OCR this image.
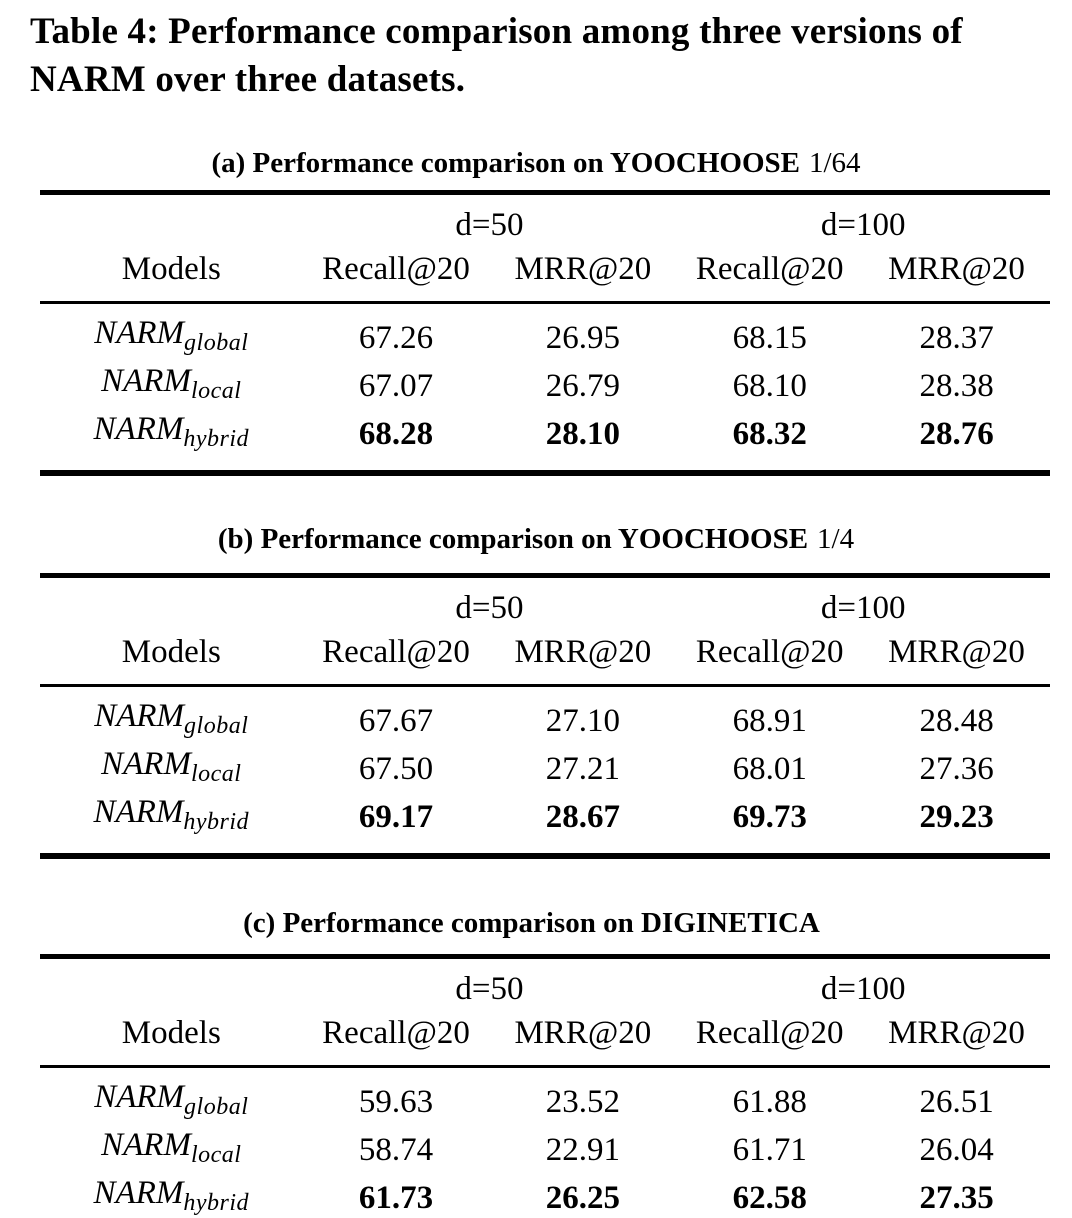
Table 4: Performance comparison among three versions of
NARM over three datasets.
(a) Performance comparison on YOOCHOOSE 1/64
	d=50		d=100	
Models	Recall@20	MRR@20	Recall@20	MRR@20
$NARM_{global}$	67.26	26.95	68.15	28.37
$NARM_{local}$	67.07	26.79	68.10	28.38
$NARM_{hybrid}$	68.28	28.10	68.32	28.76
(b) Performance comparison on YOOCHOOSE 1/4
	d=50		d=100	
Models	Recall@20	MRR@20	Recall@20	MRR@20
$NARM_{global}$	67.67	27.10	68.91	28.48
$NARM_{local}$	67.50	27.21	68.01	27.36
$NARM_{hybrid}$	69.17	28.67	69.73	29.23
(c) Performance comparison on DIGINETICA
	d=50		d=100	
Models	Recall@20	MRR@20	Recall@20	MRR@20
$NARM_{global}$	59.63	23.52	61.88	26.51
$NARM_{local}$	58.74	22.91	61.71	26.04
$NARM_{hybrid}$	61.73	26.25	62.58	27.35
